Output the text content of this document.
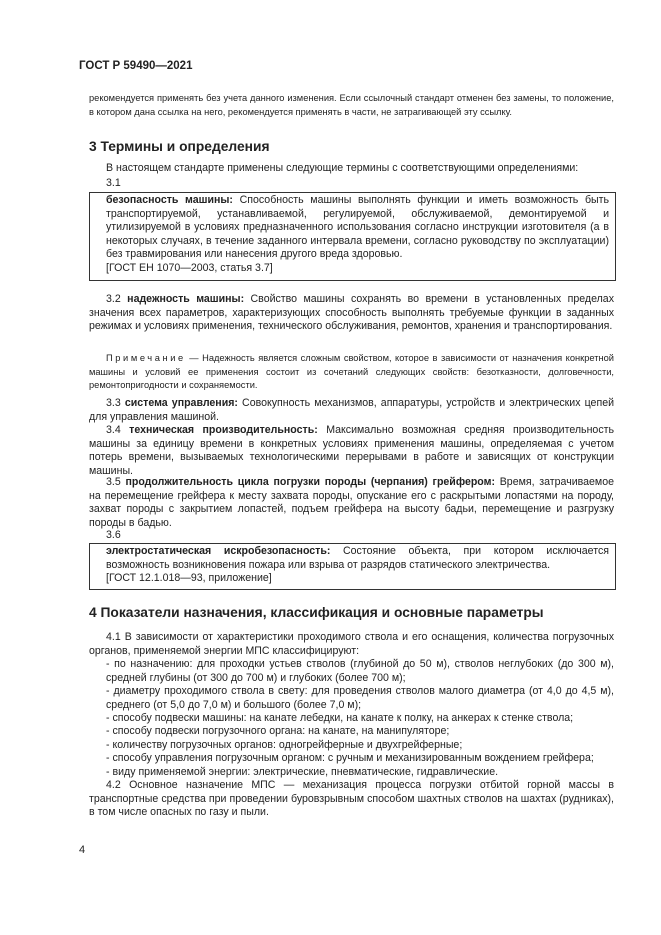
ГОСТ Р 59490—2021
рекомендуется применять без учета данного изменения. Если ссылочный стандарт отменен без замены, то положение, в котором дана ссылка на него, рекомендуется применять в части, не затрагивающей эту ссылку.
3 Термины и определения
В настоящем стандарте применены следующие термины с соответствующими определениями:
3.1
безопасность машины: Способность машины выполнять функции и иметь возможность быть транспортируемой, устанавливаемой, регулируемой, обслуживаемой, демонтируемой и утилизируемой в условиях предназначенного использования согласно инструкции изготовителя (а в некоторых случаях, в течение заданного интервала времени, согласно руководству по эксплуатации) без травмирования или нанесения другого вреда здоровью.
[ГОСТ ЕН 1070—2003, статья 3.7]
3.2 надежность машины: Свойство машины сохранять во времени в установленных пределах значения всех параметров, характеризующих способность выполнять требуемые функции в заданных режимах и условиях применения, технического обслуживания, ремонтов, хранения и транспортирования.
Примечание — Надежность является сложным свойством, которое в зависимости от назначения конкретной машины и условий ее применения состоит из сочетаний следующих свойств: безотказности, долговечности, ремонтопригодности и сохраняемости.
3.3 система управления: Совокупность механизмов, аппаратуры, устройств и электрических цепей для управления машиной.
3.4 техническая производительность: Максимально возможная средняя производительность машины за единицу времени в конкретных условиях применения машины, определяемая с учетом потерь времени, вызываемых технологическими перерывами в работе и зависящих от конструкции машины.
3.5 продолжительность цикла погрузки породы (черпания) грейфером: Время, затрачиваемое на перемещение грейфера к месту захвата породы, опускание его с раскрытыми лопастями на породу, захват породы с закрытием лопастей, подъем грейфера на высоту бадьи, перемещение и разгрузку породы в бадью.
3.6
электростатическая искробезопасность: Состояние объекта, при котором исключается возможность возникновения пожара или взрыва от разрядов статического электричества.
[ГОСТ 12.1.018—93, приложение]
4 Показатели назначения, классификация и основные параметры
4.1 В зависимости от характеристики проходимого ствола и его оснащения, количества погрузочных органов, применяемой энергии МПС классифицируют:
- по назначению: для проходки устьев стволов (глубиной до 50 м), стволов неглубоких (до 300 м), средней глубины (от 300 до 700 м) и глубоких (более 700 м);
- диаметру проходимого ствола в свету: для проведения стволов малого диаметра (от 4,0 до 4,5 м), среднего (от 5,0 до 7,0 м) и большого (более 7,0 м);
- способу подвески машины: на канате лебедки, на канате к полку, на анкерах к стенке ствола;
- способу подвески погрузочного органа: на канате, на манипуляторе;
- количеству погрузочных органов: одногрейферные и двухгрейферные;
- способу управления погрузочным органом: с ручным и механизированным вождением грейфера;
- виду применяемой энергии: электрические, пневматические, гидравлические.
4.2 Основное назначение МПС — механизация процесса погрузки отбитой горной массы в транспортные средства при проведении буровзрывным способом шахтных стволов на шахтах (рудниках), в том числе опасных по газу и пыли.
4
